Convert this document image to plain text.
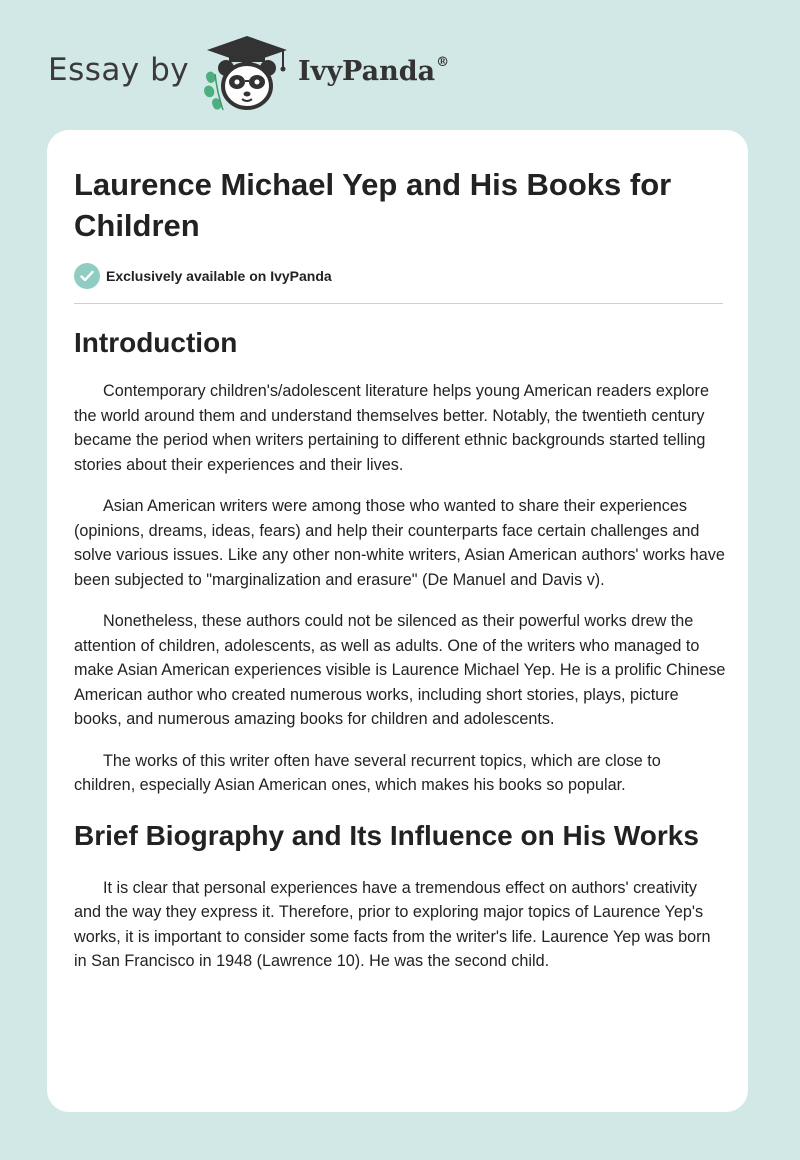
Essay by	IvyPanda®
Laurence Michael Yep and His Books for Children
Exclusively available on IvyPanda
Introduction

Contemporary children's/adolescent literature helps young American readers explore the world around them and understand themselves better. Notably, the twentieth century became the period when writers pertaining to different ethnic backgrounds started telling stories about their experiences and their lives.

Asian American writers were among those who wanted to share their experiences (opinions, dreams, ideas, fears) and help their counterparts face certain challenges and solve various issues. Like any other non-white writers, Asian American authors' works have been subjected to "marginalization and erasure" (De Manuel and Davis v).

Nonetheless, these authors could not be silenced as their powerful works drew the attention of children, adolescents, as well as adults. One of the writers who managed to make Asian American experiences visible is Laurence Michael Yep. He is a prolific Chinese American author who created numerous works, including short stories, plays, picture books, and numerous amazing books for children and adolescents.

The works of this writer often have several recurrent topics, which are close to children, especially Asian American ones, which makes his books so popular.

Brief Biography and Its Influence on His Works

It is clear that personal experiences have a tremendous effect on authors' creativity and the way they express it. Therefore, prior to exploring major topics of Laurence Yep's works, it is important to consider some facts from the writer's life. Laurence Yep was born in San Francisco in 1948 (Lawrence 10). He was the second child.
